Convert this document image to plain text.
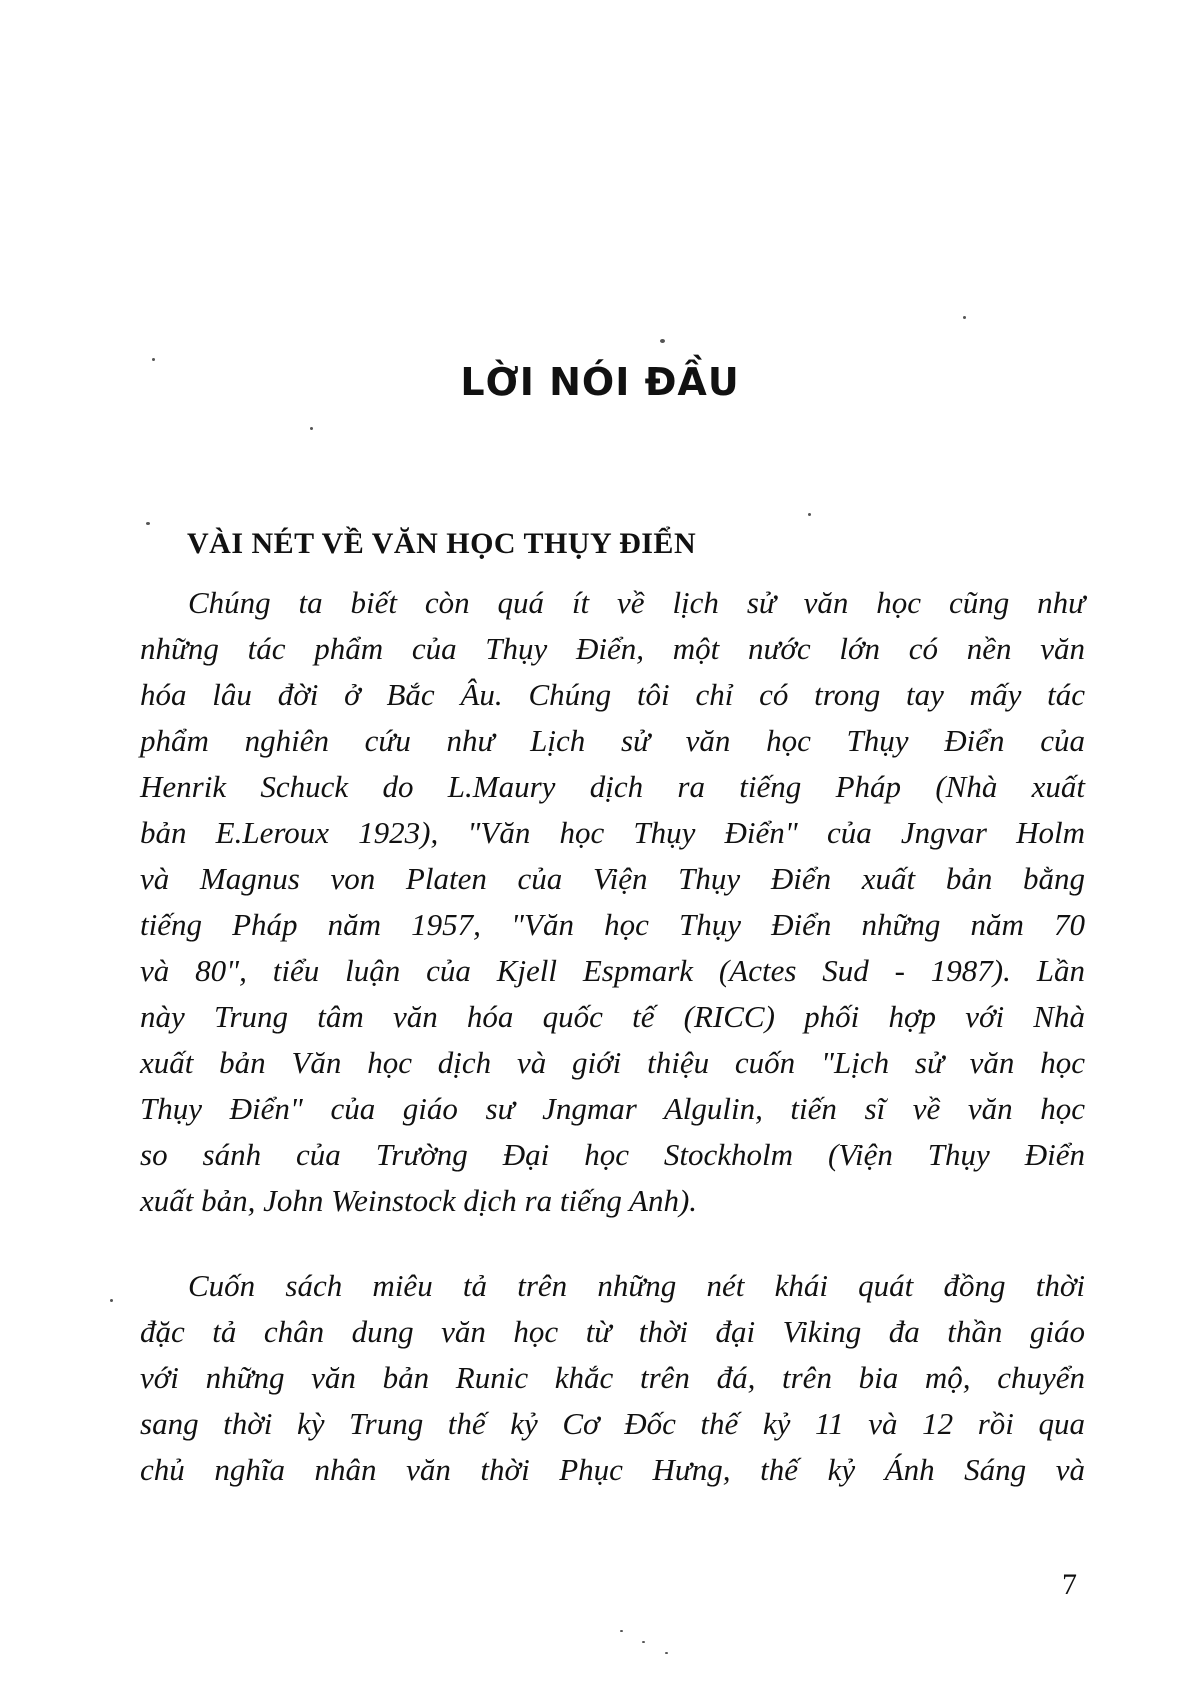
LỜI NÓI ĐẦU
VÀI NÉT VỀ VĂN HỌC THỤY ĐIỂN
Chúng ta biết còn quá ít về lịch sử văn học cũng như
những tác phẩm của Thụy Điển, một nước lớn có nền văn
hóa lâu đời ở Bắc Âu. Chúng tôi chỉ có trong tay mấy tác
phẩm nghiên cứu như Lịch sử văn học Thụy Điển của
Henrik Schuck do L.Maury dịch ra tiếng Pháp (Nhà xuất
bản E.Leroux 1923), "Văn học Thụy Điển" của Jngvar Holm
và Magnus von Platen của Viện Thụy Điển xuất bản bằng
tiếng Pháp năm 1957, "Văn học Thụy Điển những năm 70
và 80", tiểu luận của Kjell Espmark (Actes Sud - 1987). Lần
này Trung tâm văn hóa quốc tế (RICC) phối hợp với Nhà
xuất bản Văn học dịch và giới thiệu cuốn "Lịch sử văn học
Thụy Điển" của giáo sư Jngmar Algulin, tiến sĩ về văn học
so sánh của Trường Đại học Stockholm (Viện Thụy Điển
xuất bản, John Weinstock dịch ra tiếng Anh).
Cuốn sách miêu tả trên những nét khái quát đồng thời
đặc tả chân dung văn học từ thời đại Viking đa thần giáo
với những văn bản Runic khắc trên đá, trên bia mộ, chuyển
sang thời kỳ Trung thế kỷ Cơ Đốc thế kỷ 11 và 12 rồi qua
chủ nghĩa nhân văn thời Phục Hưng, thế kỷ Ánh Sáng và
7
